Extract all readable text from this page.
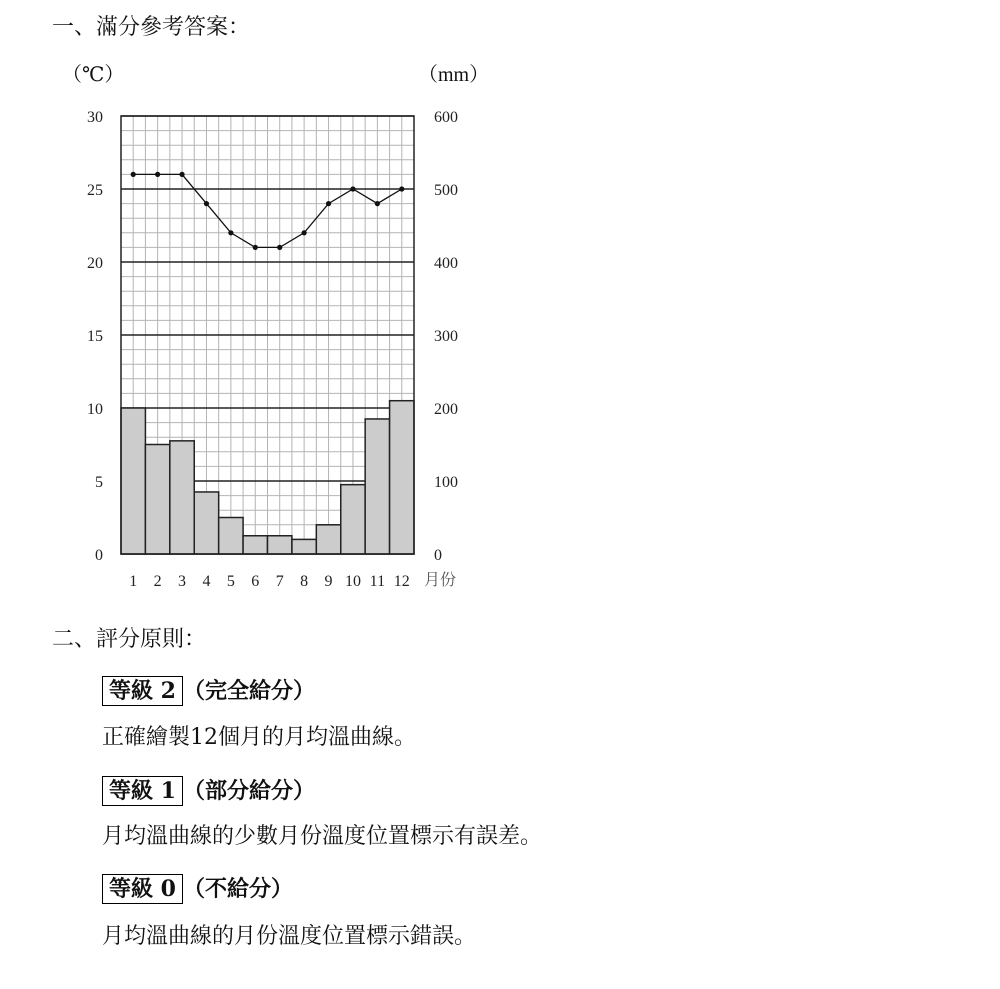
一、滿分參考答案：
（℃）	（mm）
30
25
20
15
10
5
0
600
500
400
300
200
100
0
1 2 3 4 5 6 7 8 9 10 11 12 月份
二、評分原則：
等級 2 （完全給分）
正確繪製12個月的月均溫曲線。
等級 1 （部分給分）
月均溫曲線的少數月份溫度位置標示有誤差。
等級 0 （不給分）
月均溫曲線的月份溫度位置標示錯誤。
